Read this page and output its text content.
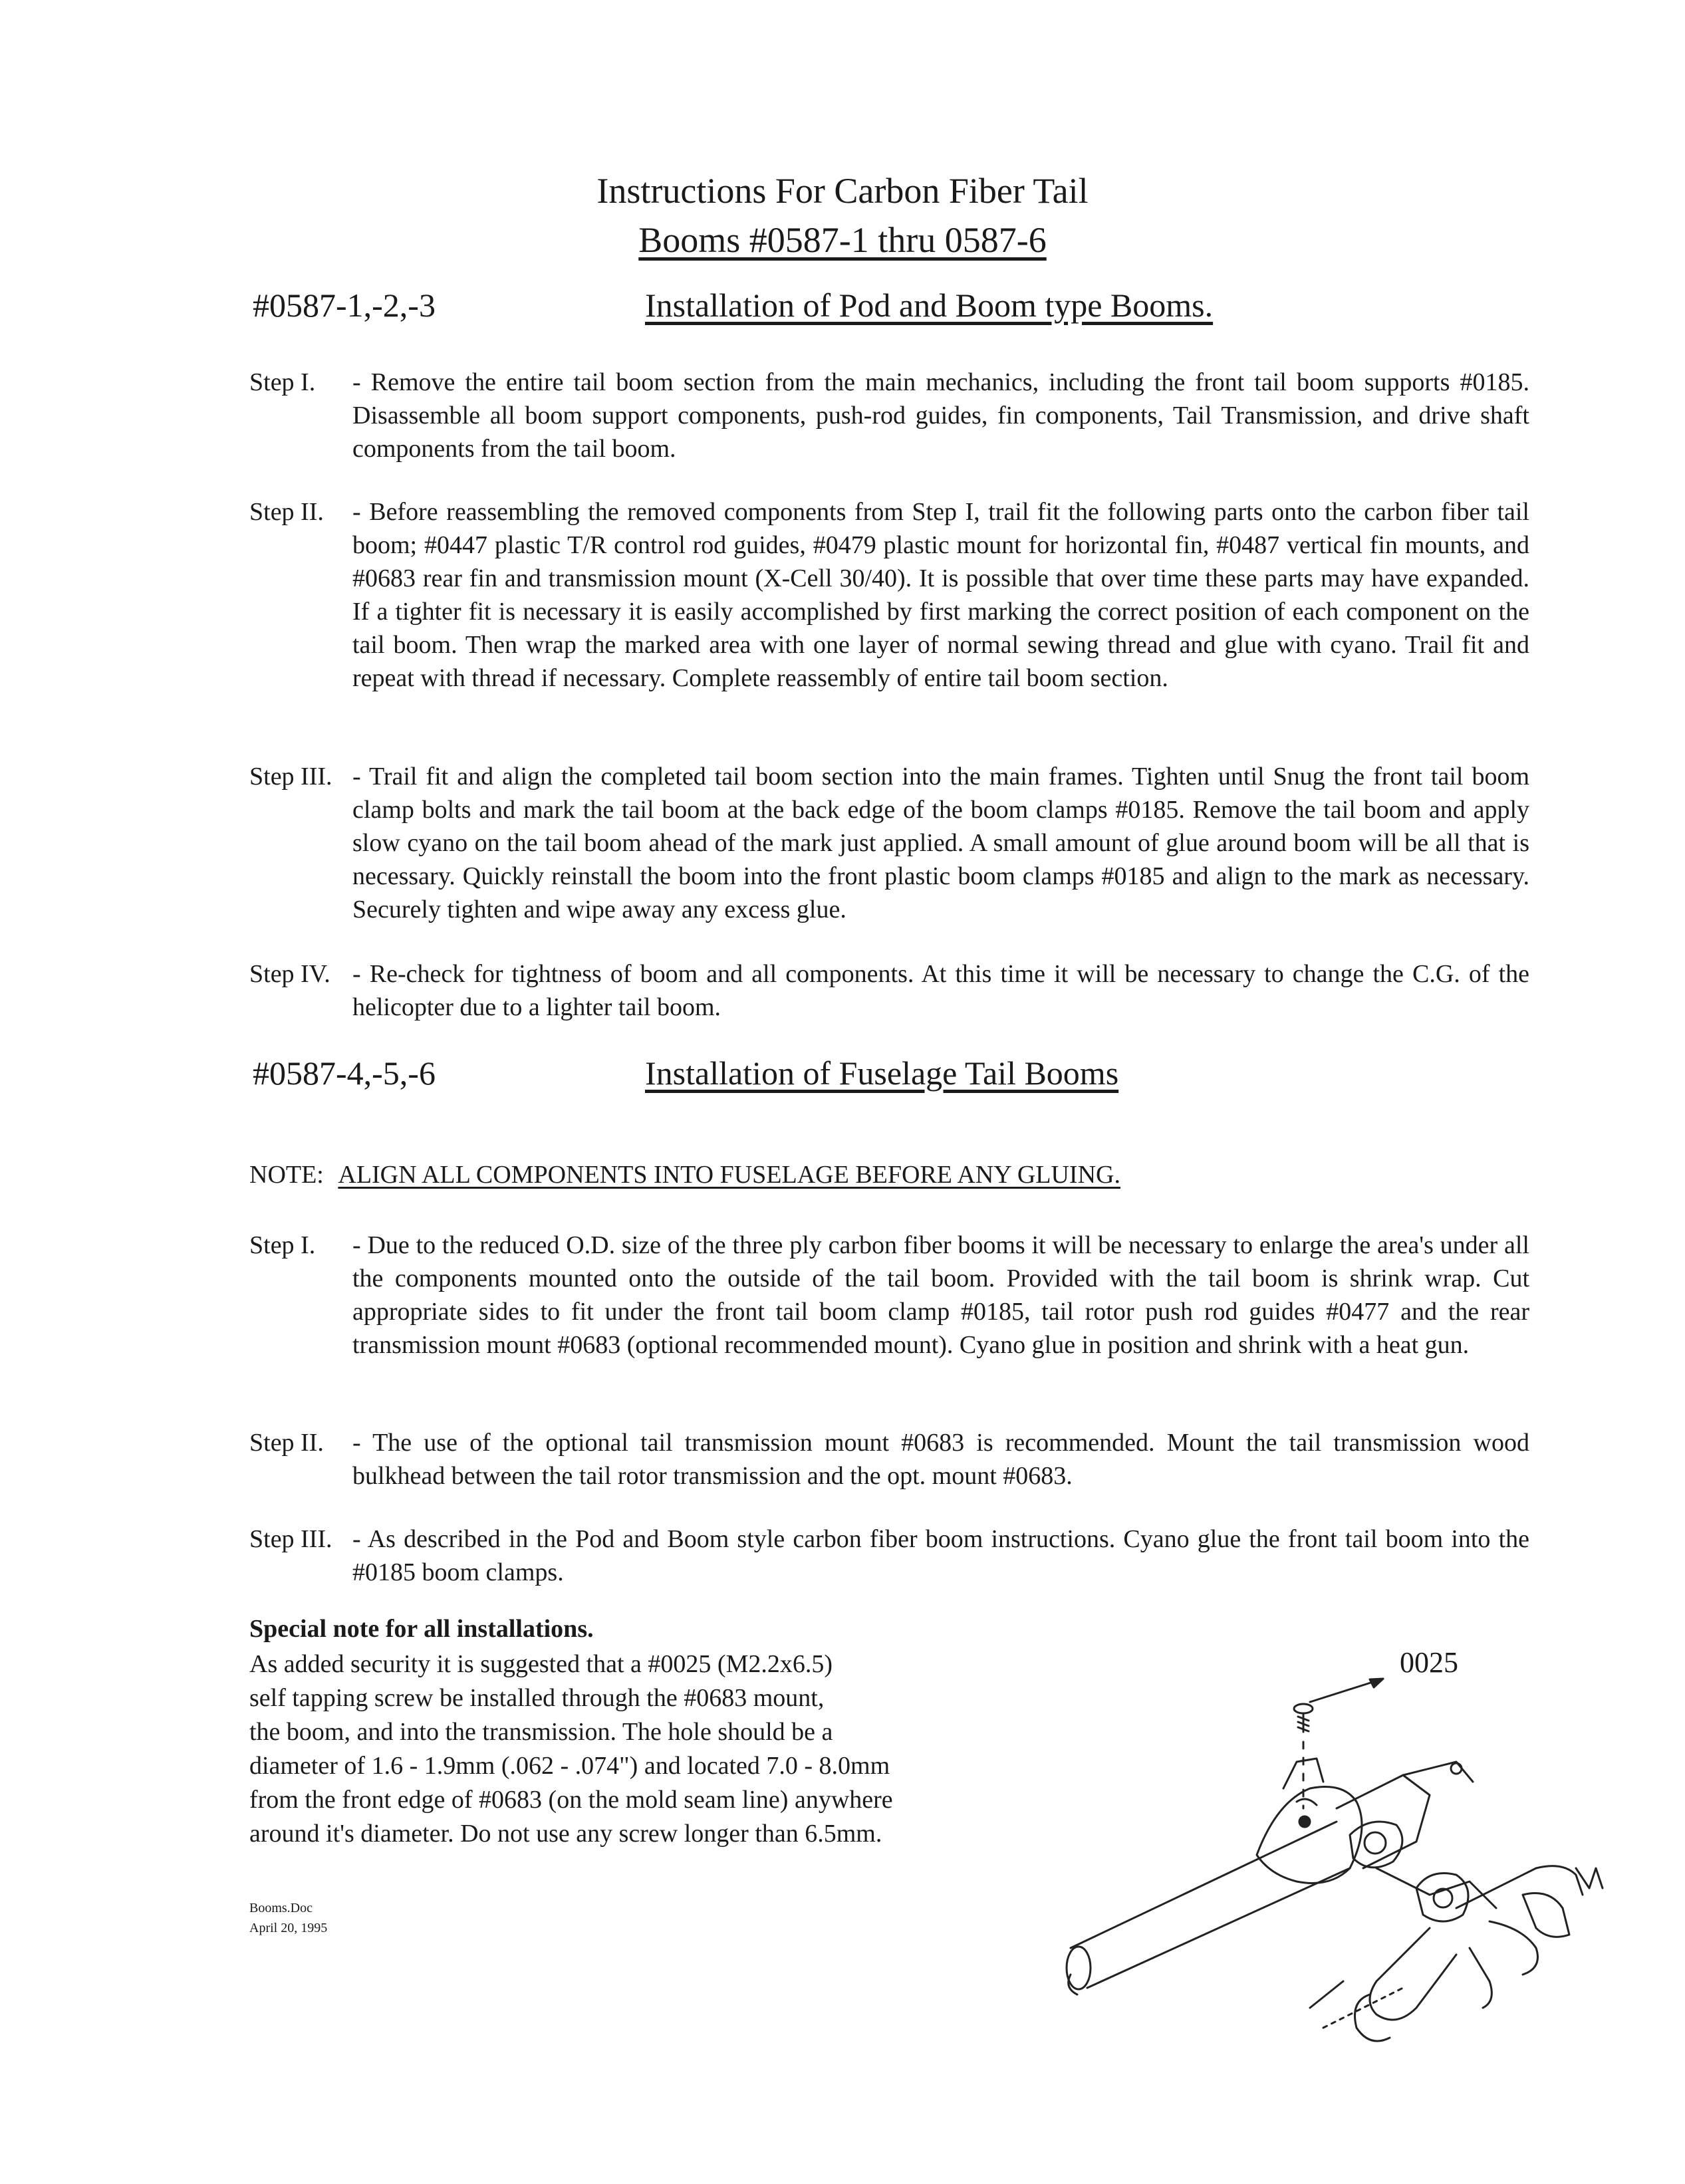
Instructions For Carbon Fiber Tail
Booms #0587-1 thru 0587-6
#0587-1,-2,-3	Installation of Pod and Boom type Booms.
Step I. - Remove the entire tail boom section from the main mechanics, including the front tail boom supports #0185. Disassemble all boom support components, push-rod guides, fin components, Tail Transmission, and drive shaft components from the tail boom.
Step II. - Before reassembling the removed components from Step I, trail fit the following parts onto the carbon fiber tail boom; #0447 plastic T/R control rod guides, #0479 plastic mount for horizontal fin, #0487 vertical fin mounts, and #0683 rear fin and transmission mount (X-Cell 30/40). It is possible that over time these parts may have expanded. If a tighter fit is necessary it is easily accomplished by first marking the correct position of each component on the tail boom. Then wrap the marked area with one layer of normal sewing thread and glue with cyano. Trail fit and repeat with thread if necessary. Complete reassembly of entire tail boom section.
Step III. - Trail fit and align the completed tail boom section into the main frames. Tighten until Snug the front tail boom clamp bolts and mark the tail boom at the back edge of the boom clamps #0185. Remove the tail boom and apply slow cyano on the tail boom ahead of the mark just applied. A small amount of glue around boom will be all that is necessary. Quickly reinstall the boom into the front plastic boom clamps #0185 and align to the mark as necessary. Securely tighten and wipe away any excess glue.
Step IV. - Re-check for tightness of boom and all components. At this time it will be necessary to change the C.G. of the helicopter due to a lighter tail boom.
#0587-4,-5,-6	Installation of Fuselage Tail Booms
NOTE: ALIGN ALL COMPONENTS INTO FUSELAGE BEFORE ANY GLUING.
Step I. - Due to the reduced O.D. size of the three ply carbon fiber booms it will be necessary to enlarge the area's under all the components mounted onto the outside of the tail boom. Provided with the tail boom is shrink wrap. Cut appropriate sides to fit under the front tail boom clamp #0185, tail rotor push rod guides #0477 and the rear transmission mount #0683 (optional recommended mount). Cyano glue in position and shrink with a heat gun.
Step II. - The use of the optional tail transmission mount #0683 is recommended. Mount the tail transmission wood bulkhead between the tail rotor transmission and the opt. mount #0683.
Step III. - As described in the Pod and Boom style carbon fiber boom instructions. Cyano glue the front tail boom into the #0185 boom clamps.
Special note for all installations.
As added security it is suggested that a #0025 (M2.2x6.5)
self tapping screw be installed through the #0683 mount,
the boom, and into the transmission. The hole should be a
diameter of 1.6 - 1.9mm (.062 - .074") and located 7.0 - 8.0mm
from the front edge of #0683 (on the mold seam line) anywhere
around it's diameter. Do not use any screw longer than 6.5mm.
Booms.Doc
April 20, 1995
0025
